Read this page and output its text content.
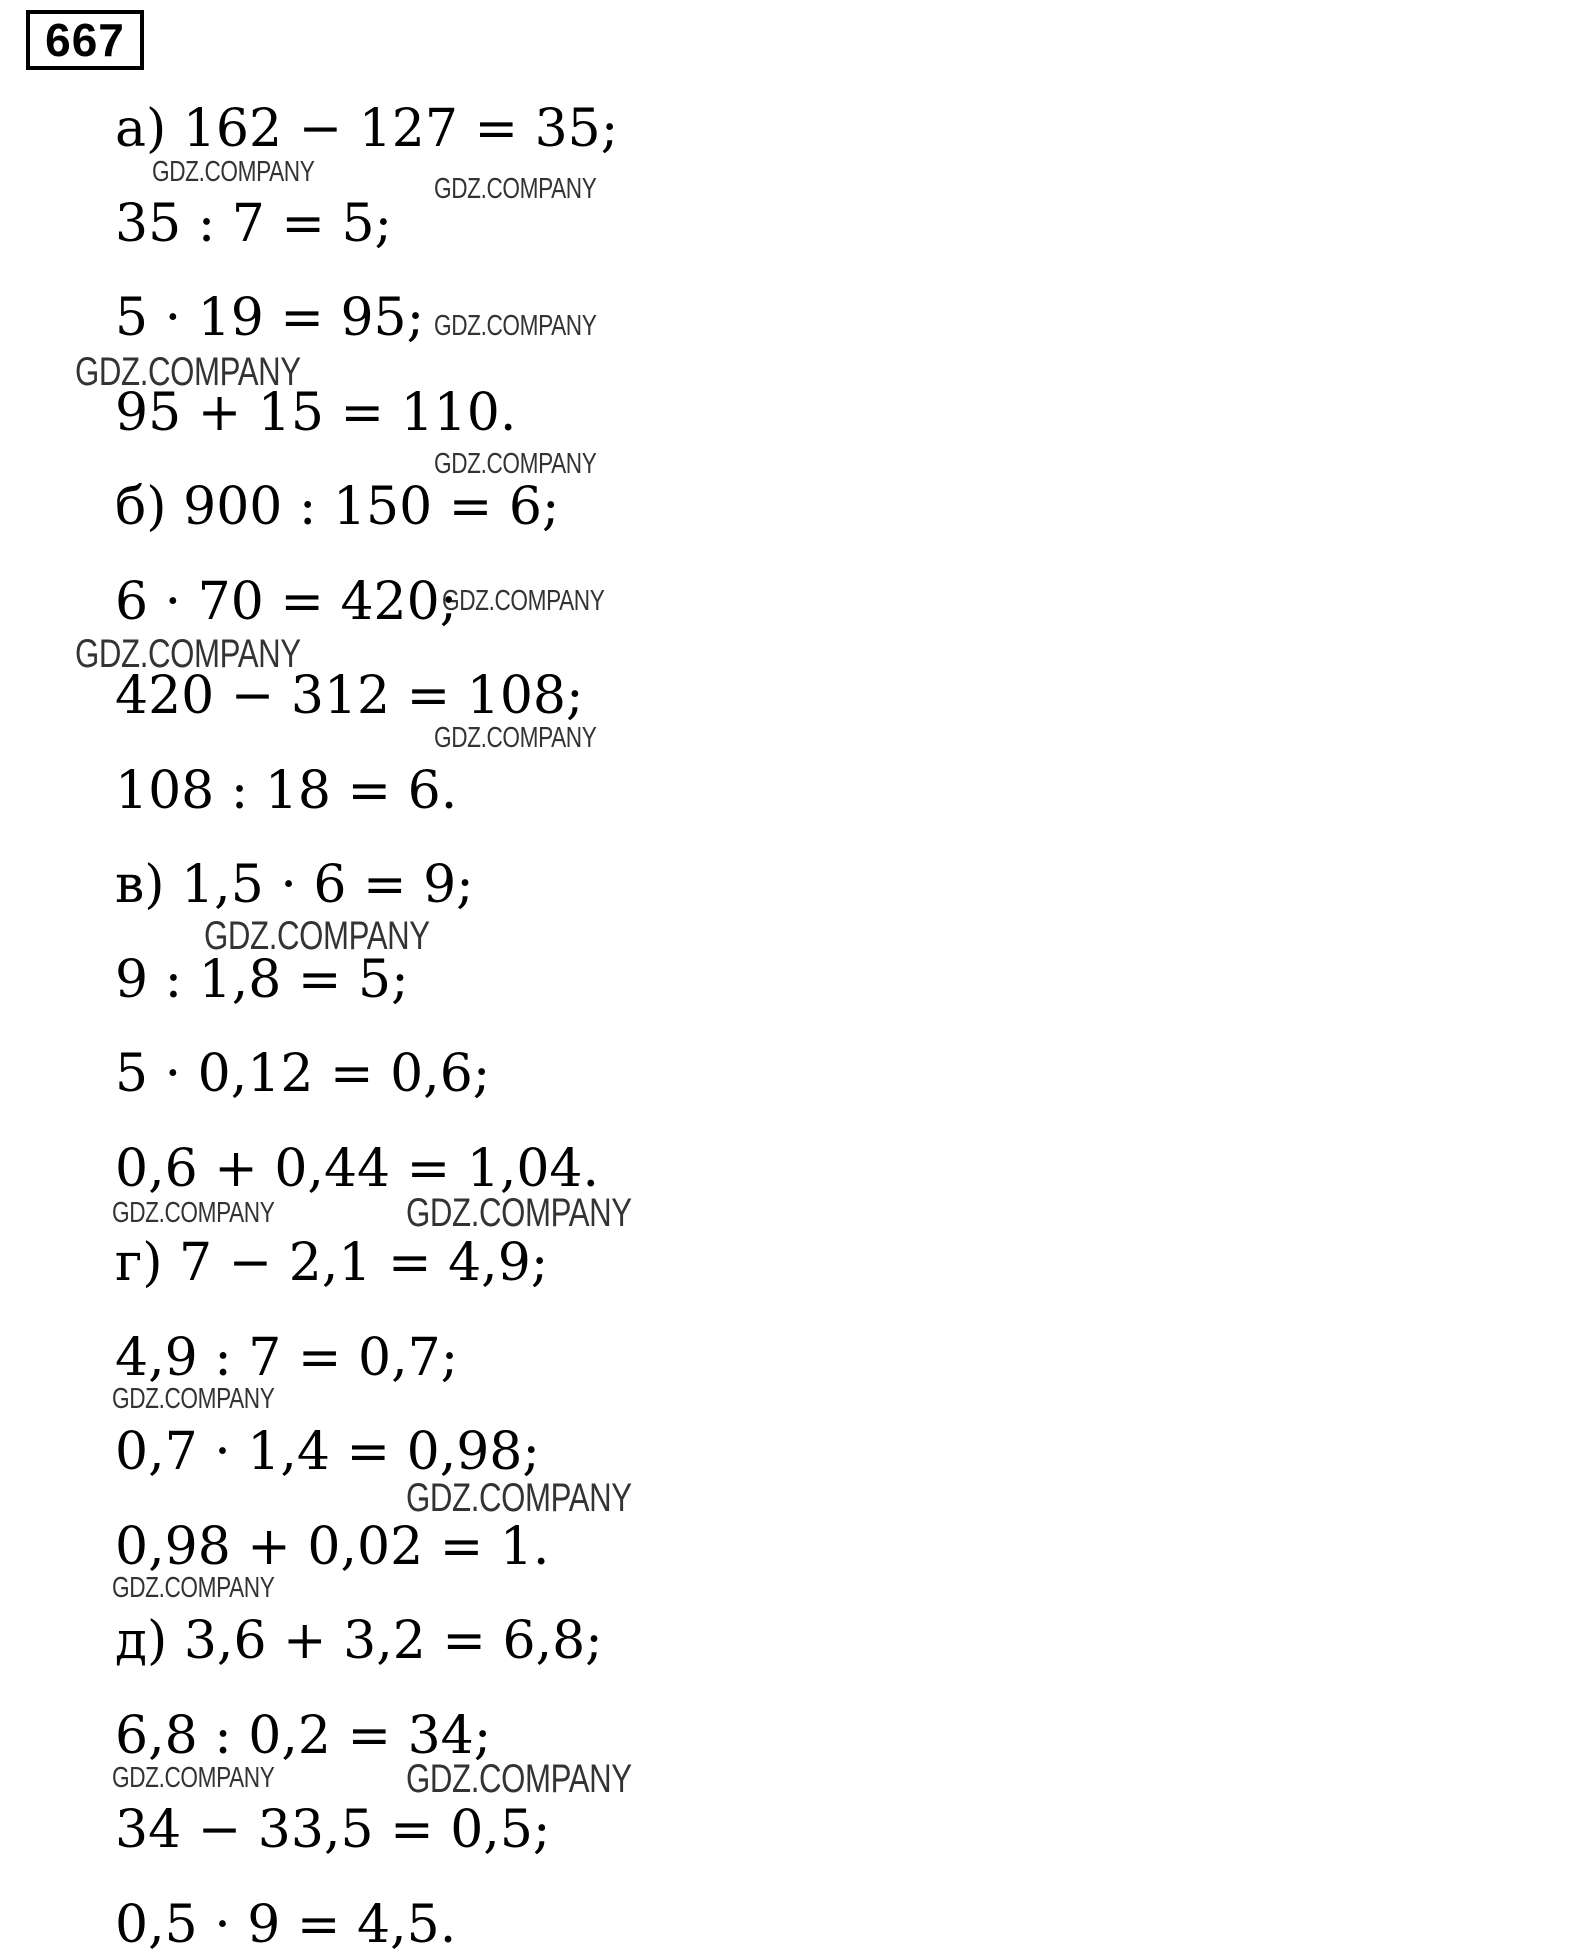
667
а) 162 − 127 = 35;
35 : 7 = 5;
5 · 19 = 95;
95 + 15 = 110.
б) 900 : 150 = 6;
6 · 70 = 420;
420 − 312 = 108;
108 : 18 = 6.
в) 1,5 · 6 = 9;
9 : 1,8 = 5;
5 · 0,12 = 0,6;
0,6 + 0,44 = 1,04.
г) 7 − 2,1 = 4,9;
4,9 : 7 = 0,7;
0,7 · 1,4 = 0,98;
0,98 + 0,02 = 1.
д) 3,6 + 3,2 = 6,8;
6,8 : 0,2 = 34;
34 − 33,5 = 0,5;
0,5 · 9 = 4,5.
GDZ.COMPANY
GDZ.COMPANY
GDZ.COMPANY
GDZ.COMPANY
GDZ.COMPANY
GDZ.COMPANY
GDZ.COMPANY
GDZ.COMPANY
GDZ.COMPANY
GDZ.COMPANY	GDZ.COMPANY
GDZ.COMPANY
GDZ.COMPANY
GDZ.COMPANY
GDZ.COMPANY	GDZ.COMPANY
